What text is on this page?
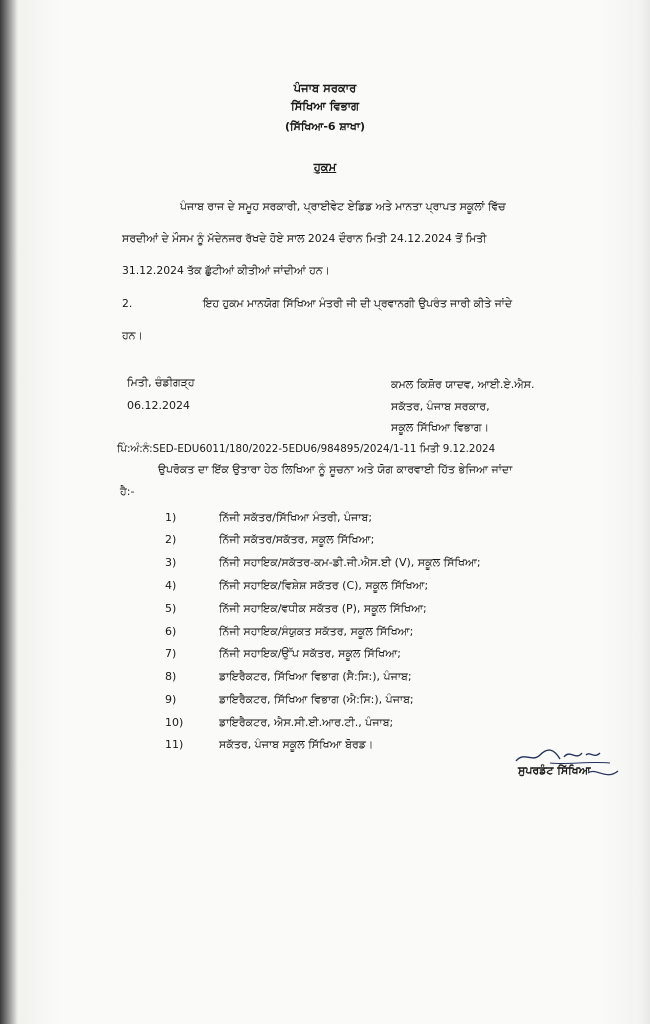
ਪੰਜਾਬ ਸਰਕਾਰ
ਸਿੱਖਿਆ ਵਿਭਾਗ
(ਸਿੱਖਿਆ-6 ਸ਼ਾਖਾ)
ਹੁਕਮ
ਪੰਜਾਬ ਰਾਜ ਦੇ ਸਮੂਹ ਸਰਕਾਰੀ, ਪ੍ਰਾਈਵੇਟ ਏਡਿਡ ਅਤੇ ਮਾਨਤਾ ਪ੍ਰਾਪਤ ਸਕੂਲਾਂ ਵਿੱਚ
ਸਰਦੀਆਂ ਦੇ ਮੌਸਮ ਨੂੰ ਮੱਦੇਨਜਰ ਰੱਖਦੇ ਹੋਏ ਸਾਲ 2024 ਦੌਰਾਨ ਮਿਤੀ 24.12.2024 ਤੋਂ ਮਿਤੀ
31.12.2024 ਤੱਕ ਛੁੱਟੀਆਂ ਕੀਤੀਆਂ ਜਾਂਦੀਆਂ ਹਨ।
2.	ਇਹ ਹੁਕਮ ਮਾਨਯੋਗ ਸਿੱਖਿਆ ਮੰਤਰੀ ਜੀ ਦੀ ਪ੍ਰਵਾਨਗੀ ਉਪਰੰਤ ਜਾਰੀ ਕੀਤੇ ਜਾਂਦੇ
ਹਨ।
ਮਿਤੀ, ਚੰਡੀਗੜ੍ਹ
06.12.2024
ਕਮਲ ਕਿਸ਼ੋਰ ਯਾਦਵ, ਆਈ.ਏ.ਐਸ.
ਸਕੱਤਰ, ਪੰਜਾਬ ਸਰਕਾਰ,
ਸਕੂਲ ਸਿੱਖਿਆ ਵਿਭਾਗ।
ਪਿੰ:ਅੰ:ਨੰ:SED-EDU6011/180/2022-5EDU6/984895/2024/1-11 ਮਿਤੀ 9.12.2024
ਉਪਰੋਕਤ ਦਾ ਇੱਕ ਉਤਾਰਾ ਹੇਠ ਲਿਖਿਆ ਨੂੰ ਸੂਚਨਾ ਅਤੇ ਯੋਗ ਕਾਰਵਾਈ ਹਿੱਤ ਭੇਜਿਆ ਜਾਂਦਾ
ਹੈ:-
1)	ਨਿੱਜੀ ਸਕੱਤਰ/ਸਿੱਖਿਆ ਮੰਤਰੀ, ਪੰਜਾਬ;
2)	ਨਿੱਜੀ ਸਕੱਤਰ/ਸਕੱਤਰ, ਸਕੂਲ ਸਿੱਖਿਆ;
3)	ਨਿੱਜੀ ਸਹਾਇਕ/ਸਕੱਤਰ-ਕਮ-ਡੀ.ਜੀ.ਐਸ.ਈ (V), ਸਕੂਲ ਸਿੱਖਿਆ;
4)	ਨਿੱਜੀ ਸਹਾਇਕ/ਵਿਸ਼ੇਸ਼ ਸਕੱਤਰ (C), ਸਕੂਲ ਸਿੱਖਿਆ;
5)	ਨਿੱਜੀ ਸਹਾਇਕ/ਵਧੀਕ ਸਕੱਤਰ (P), ਸਕੂਲ ਸਿੱਖਿਆ;
6)	ਨਿੱਜੀ ਸਹਾਇਕ/ਸੰਯੁਕਤ ਸਕੱਤਰ, ਸਕੂਲ ਸਿੱਖਿਆ;
7)	ਨਿੱਜੀ ਸਹਾਇਕ/ਉੱਪ ਸਕੱਤਰ, ਸਕੂਲ ਸਿੱਖਿਆ;
8)	ਡਾਇਰੈਕਟਰ, ਸਿੱਖਿਆ ਵਿਭਾਗ (ਸੈ:ਸਿ:), ਪੰਜਾਬ;
9)	ਡਾਇਰੈਕਟਰ, ਸਿੱਖਿਆ ਵਿਭਾਗ (ਐ:ਸਿ:), ਪੰਜਾਬ;
10)	ਡਾਇਰੈਕਟਰ, ਐਸ.ਸੀ.ਈ.ਆਰ.ਟੀ., ਪੰਜਾਬ;
11)	ਸਕੱਤਰ, ਪੰਜਾਬ ਸਕੂਲ ਸਿੱਖਿਆ ਬੋਰਡ।
ਸੁਪਰਡੰਟ ਸਿੱਖਿਆ
